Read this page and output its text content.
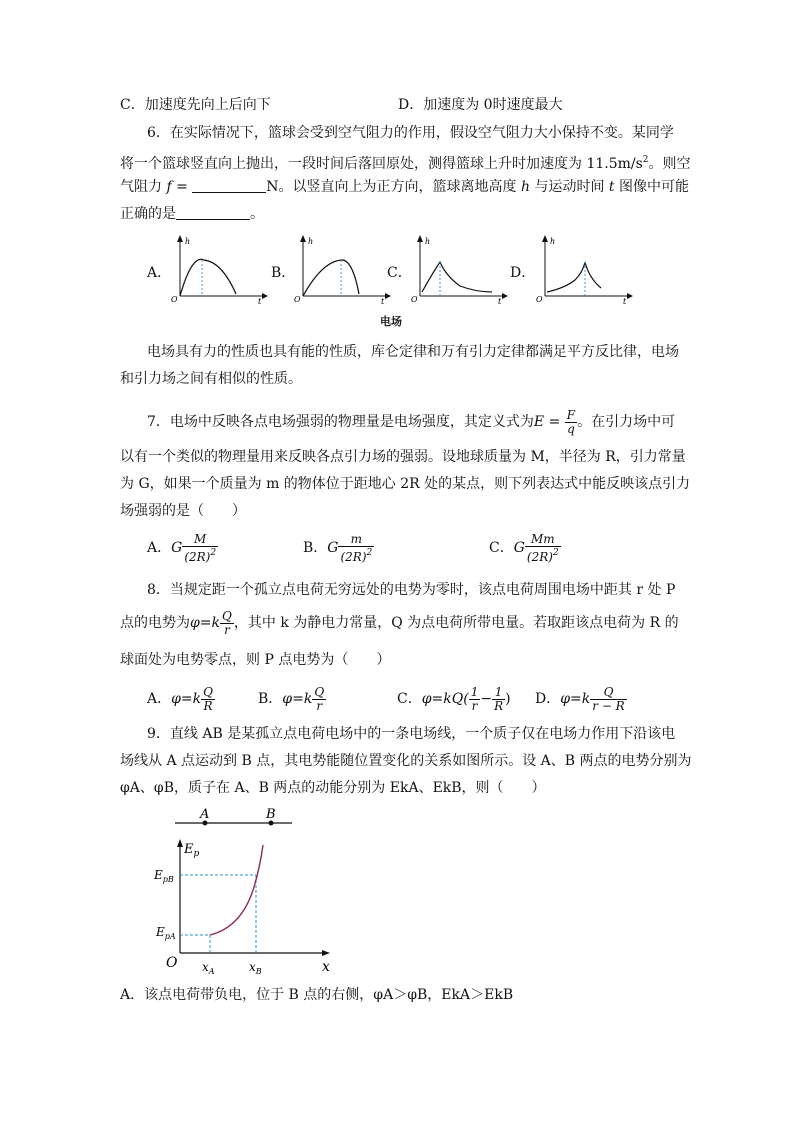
C．加速度先向上后向下	D．加速度为 0时速度最大
6．在实际情况下，篮球会受到空气阻力的作用，假设空气阻力大小保持不变。某同学
将一个篮球竖直向上抛出，一段时间后落回原处，测得篮球上升时加速度为 $11.5m/s^2$。则空
气阻力 f =	N。以竖直向上为正方向，篮球离地高度 h 与运动时间 t 图像中可能
正确的是	。
A．	B．	C．	D．
h
O	t
h
O	t
h
O	t
h
O	t
电场
电场具有力的性质也具有能的性质，库仑定律和万有引力定律都满足平方反比律，电场
和引力场之间有相似的性质。
7．电场中反映各点电场强弱的物理量是电场强度，其定义式为$E = \frac{F}{q}$ 。在引力场中可
以有一个类似的物理量用来反映各点引力场的强弱。设地球质量为 M，半径为 R，引力常量
为 G，如果一个质量为 m 的物体位于距地心 2R 处的某点，则下列表达式中能反映该点引力
场强弱的是（　　）
A．G $\frac{M}{(2R)^2}$	B．G $\frac{m}{(2R)^2}$	C．G $\frac{Mm}{(2R)^2}$
8．当规定距一个孤立点电荷无穷远处的电势为零时，该点电荷周围电场中距其 r 处 P
点的电势为$\varphi=k \frac{Q}{r}$ ，其中 k 为静电力常量，Q 为点电荷所带电量。若取距该点电荷为 R 的
球面处为电势零点，则 P 点电势为（　　）
A．$\varphi=k \frac{Q}{R}$	B．$\varphi=k \frac{Q}{r}$	C．$\varphi=kQ( \frac{1}{r} - \frac{1}{R}$ ) D．$\varphi=k \frac{Q}{r - R}$
9．直线 AB 是某孤立点电荷电场中的一条电场线，一个质子仅在电场力作用下沿该电
场线从 A 点运动到 B 点，其电势能随位置变化的关系如图所示。设 A、B 两点的电势分别为
φA、φB，质子在 A、B 两点的动能分别为 EkA、EkB，则（　　）
A	B
$E_p$
$E_{pB}$
$E_{pA}$
O $x_A$	$x_B$	x
A．该点电荷带负电，位于 B 点的右侧，φA＞φB，EkA＞EkB
